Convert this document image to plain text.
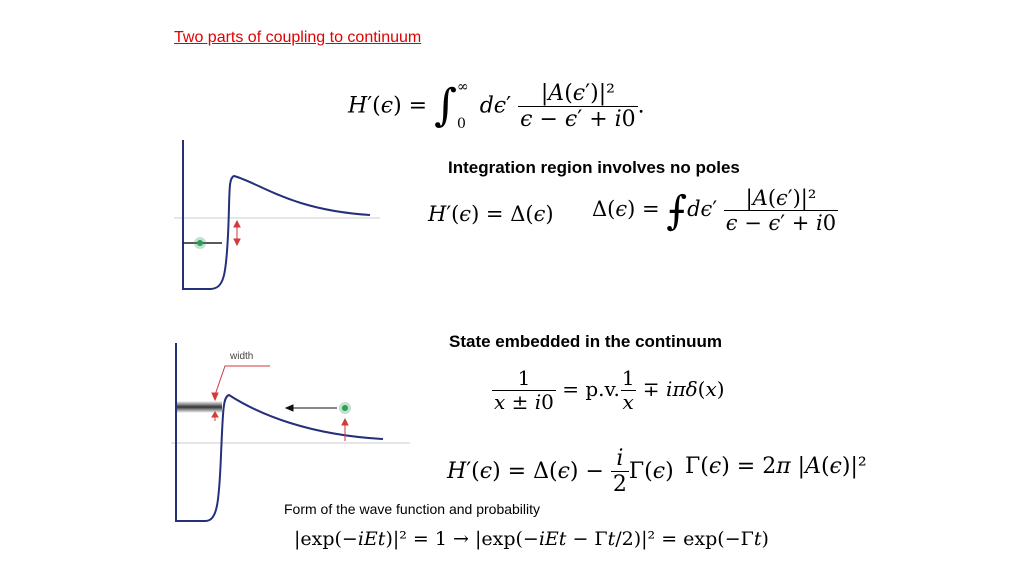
Two parts of coupling to continuum
H′(ϵ) = ∫ ∞
0
$d\epsilon' \frac{\text{|A(ϵ′)|²}}{\epsilon - \epsilon' + i0}$ .
Integration region involves no poles
H′(ϵ) = Δ(ϵ) Δ(ϵ) = ⨍dϵ′ $\frac{\text{|A(ϵ′)|²}}{\epsilon - \epsilon' + i0}$
State embedded in the continuum
$\frac{1}{x \pm i0} = p.v$. $\frac{1}{x} \mp i\pi\delta(x)$
$H'(\epsilon) = \Delta(\epsilon) - \frac{i}{2} \Gamma(\epsilon) \Gamma(\epsilon) = 2\pi$ |A(ϵ)|²
width
Form of the wave function and probability
|exp(−iEt)|² = 1 → |exp(−iEt − Γt/2)|² = exp(−Γt)
